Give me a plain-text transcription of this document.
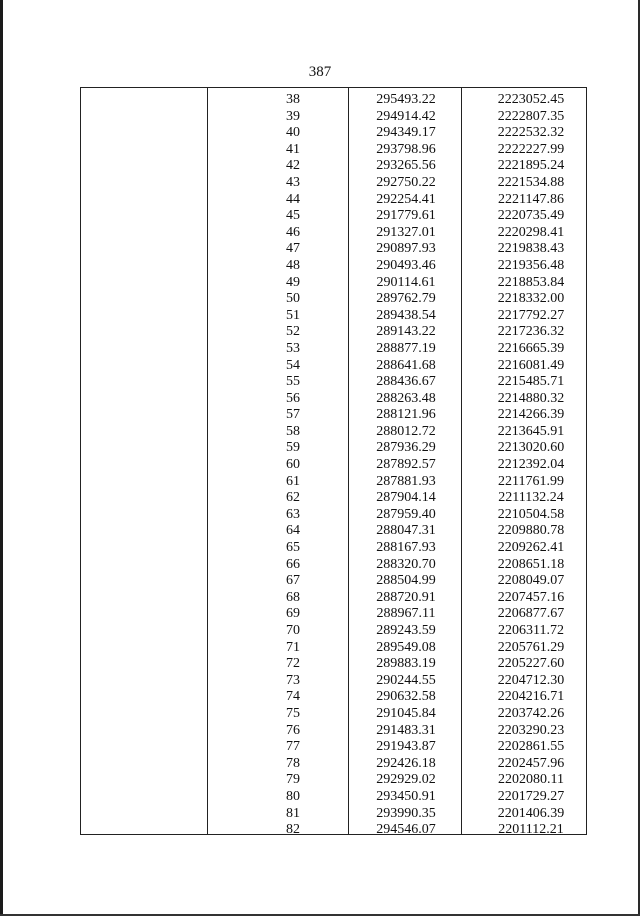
387
38	295493.22	2223052.45
39	294914.42	2222807.35
40	294349.17	2222532.32
41	293798.96	2222227.99
42	293265.56	2221895.24
43	292750.22	2221534.88
44	292254.41	2221147.86
45	291779.61	2220735.49
46	291327.01	2220298.41
47	290897.93	2219838.43
48	290493.46	2219356.48
49	290114.61	2218853.84
50	289762.79	2218332.00
51	289438.54	2217792.27
52	289143.22	2217236.32
53	288877.19	2216665.39
54	288641.68	2216081.49
55	288436.67	2215485.71
56	288263.48	2214880.32
57	288121.96	2214266.39
58	288012.72	2213645.91
59	287936.29	2213020.60
60	287892.57	2212392.04
61	287881.93	2211761.99
62	287904.14	2211132.24
63	287959.40	2210504.58
64	288047.31	2209880.78
65	288167.93	2209262.41
66	288320.70	2208651.18
67	288504.99	2208049.07
68	288720.91	2207457.16
69	288967.11	2206877.67
70	289243.59	2206311.72
71	289549.08	2205761.29
72	289883.19	2205227.60
73	290244.55	2204712.30
74	290632.58	2204216.71
75	291045.84	2203742.26
76	291483.31	2203290.23
77	291943.87	2202861.55
78	292426.18	2202457.96
79	292929.02	2202080.11
80	293450.91	2201729.27
81	293990.35	2201406.39
82	294546.07	2201112.21
